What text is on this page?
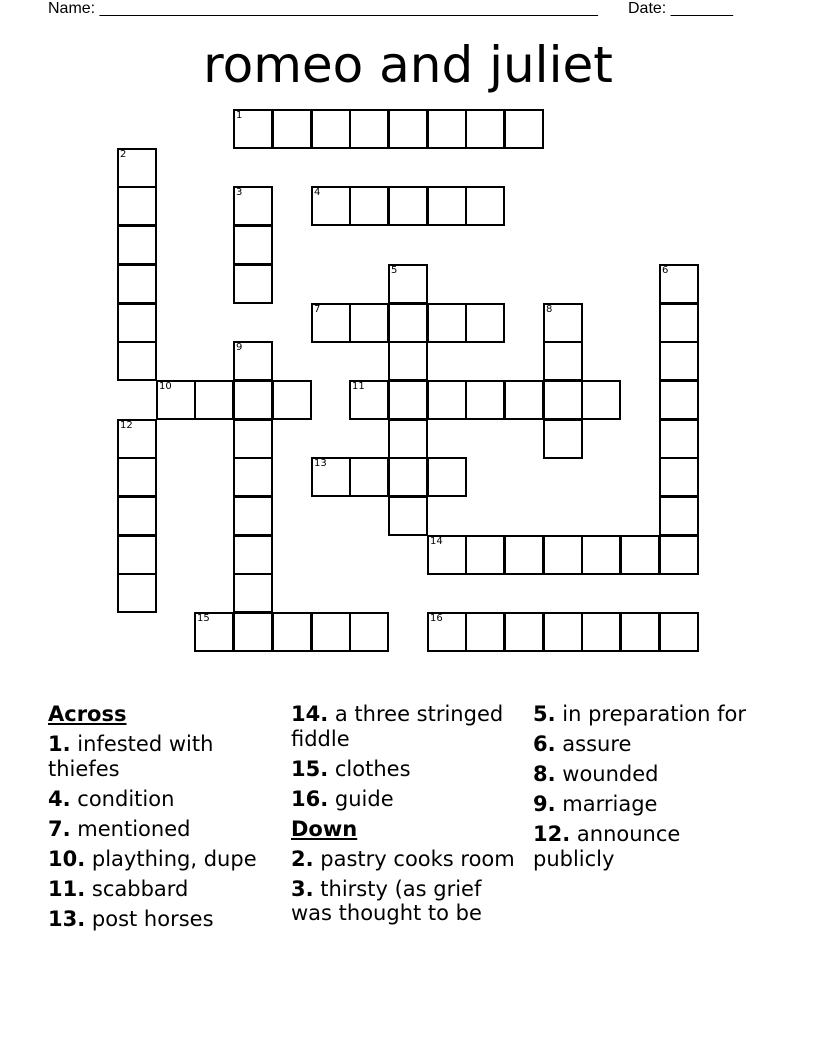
Name: ________________________________________________________ Date: _______
romeo and juliet
1
4
7
10	11
13
14
15	16
2
3
5	6
8
9
12
Across
1. infested with thiefes
4. condition
7. mentioned
10. plaything, dupe
11. scabbard
13. post horses
14. a three stringed fiddle
15. clothes
16. guide
Down
2. pastry cooks room
3. thirsty (as grief was thought to be
5. in preparation for
6. assure
8. wounded
9. marriage
12. announce publicly
